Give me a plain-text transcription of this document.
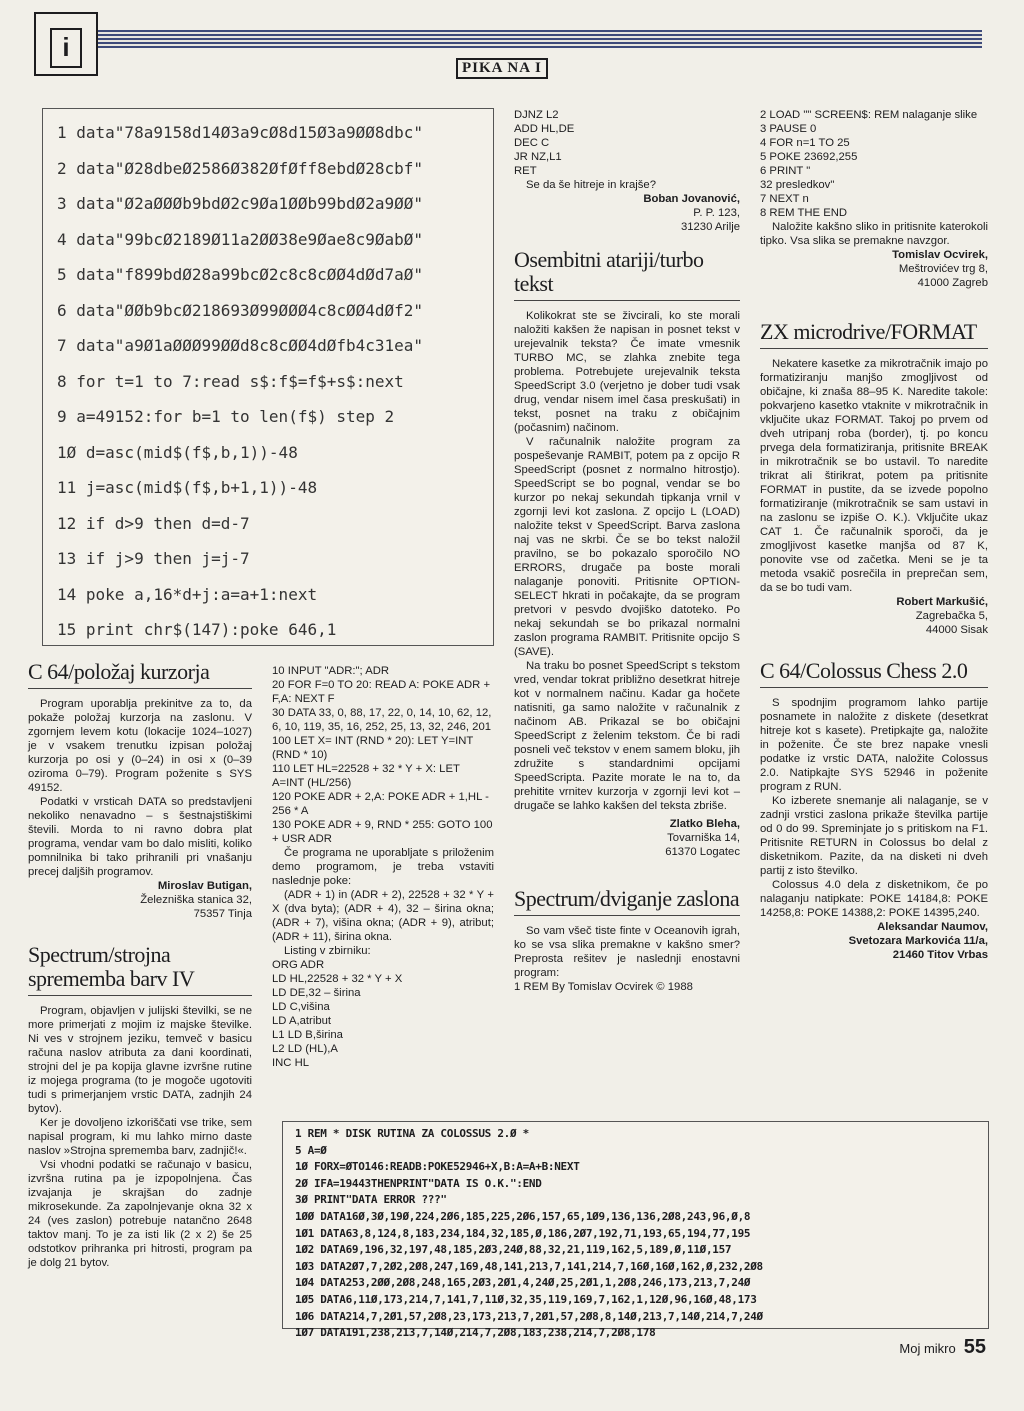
i
PIKA NA I
1 data"78a9158d14Ø3a9cØ8d15Ø3a9ØØ8dbc"
2 data"Ø28dbeØ2586Ø382ØfØff8ebdØ28cbf"
3 data"Ø2aØØØb9bdØ2c9Øa1ØØb99bdØ2a9ØØ"
4 data"99bcØ2189Ø11a2ØØ38e9Øae8c9ØabØ"
5 data"f899bdØ28a99bcØ2c8c8cØØ4dØd7aØ"
6 data"ØØb9bcØ218693Ø99ØØØ4c8cØØ4dØf2"
7 data"a9Ø1aØØØ99ØØd8c8cØØ4dØfb4c31ea"
8 for t=1 to 7:read s$:f$=f$+s$:next
9 a=49152:for b=1 to len(f$) step 2
1Ø d=asc(mid$(f$,b,1))-48
11 j=asc(mid$(f$,b+1,1))-48
12 if d>9 then d=d-7
13 if j>9 then j=j-7
14 poke a,16*d+j:a=a+1:next
15 print chr$(147):poke 646,1
DJNZ L2
ADD HL,DE
DEC C
JR NZ,L1
RET

Se da še hitreje in krajše?

Boban Jovanović,
P. P. 123,
31230 Arilje
Osembitni atariji/turbo tekst

Kolikokrat ste se živcirali, ko ste morali naložiti kakšen že napisan in posnet tekst v urejevalnik teksta? Če imate vmesnik TURBO MC, se zlahka znebite tega problema. Potrebujete urejevalnik teksta SpeedScript 3.0 (verjetno je dober tudi vsak drug, vendar nisem imel časa preskušati) in tekst, posnet na traku z običajnim (počasnim) načinom.

V računalnik naložite program za pospeševanje RAMBIT, potem pa z opcijo R SpeedScript (posnet z normalno hitrostjo). SpeedScript se bo pognal, vendar se bo kurzor po nekaj sekundah tipkanja vrnil v zgornji levi kot zaslona. Z opcijo L (LOAD) naložite tekst v SpeedScript. Barva zaslona naj vas ne skrbi. Če se bo tekst naložil pravilno, se bo pokazalo sporočilo NO ERRORS, drugače pa boste morali nalaganje ponoviti. Pritisnite OPTION-SELECT hkrati in počakajte, da se program pretvori v pesvdo dvojiško datoteko. Po nekaj sekundah se bo prikazal normalni zaslon programa RAMBIT. Pritisnite opcijo S (SAVE).

Na traku bo posnet SpeedScript s tekstom vred, vendar tokrat približno desetkrat hitreje kot v normalnem načinu. Kadar ga hočete natisniti, ga samo naložite v računalnik z načinom AB. Prikazal se bo običajni SpeedScript z želenim tekstom. Če bi radi posneli več tekstov v enem samem bloku, jih združite s standardnimi opcijami SpeedScripta. Pazite morate le na to, da prehitite vrnitev kurzorja v zgornji levi kot – drugače se lahko kakšen del teksta zbriše.

Zlatko Bleha,
Tovarniška 14,
61370 Logatec
Spectrum/dviganje zaslona

So vam všeč tiste finte v Oceanovih igrah, ko se vsa slika premakne v kakšno smer? Preprosta rešitev je naslednji enostavni program:

1 REM By Tomislav Ocvirek © 1988

2 LOAD "" SCREEN$: REM nalaganje slike
3 PAUSE 0
4 FOR n=1 TO 25
5 POKE 23692,255
6 PRINT "
32 presledkov"
7 NEXT n
8 REM THE END

Naložite kakšno sliko in pritisnite katerokoli tipko. Vsa slika se premakne navzgor.

Tomislav Ocvirek,
Meštrovićev trg 8,
41000 Zagreb
ZX microdrive/FORMAT

Nekatere kasetke za mikrotračnik imajo po formatiziranju manjšo zmogljivost od običajne, ki znaša 88–95 K. Naredite takole: pokvarjeno kasetko vtaknite v mikrotračnik in vključite ukaz FORMAT. Takoj po prvem od dveh utripanj roba (border), tj. po koncu prvega dela formatiziranja, pritisnite BREAK in mikrotračnik se bo ustavil. To naredite trikrat ali štirikrat, potem pa pritisnite FORMAT in pustite, da se izvede popolno formatiziranje (mikrotračnik se sam ustavi in na zaslonu se izpiše O. K.). Vključite ukaz CAT 1. Če računalnik sporoči, da je zmogljivost kasetke manjša od 87 K, ponovite vse od začetka. Meni se je ta metoda vsakič posrečila in preprečan sem, da se bo tudi vam.

Robert Markušić,
Zagrebačka 5,
44000 Sisak
C 64/Colossus Chess 2.0

S spodnjim programom lahko partije posnamete in naložite z diskete (desetkrat hitreje kot s kasete). Pretipkajte ga, naložite in poženite. Če ste brez napake vnesli podatke iz vrstic DATA, naložite Colossus 2.0. Natipkajte SYS 52946 in poženite program z RUN.

Ko izberete snemanje ali nalaganje, se v zadnji vrstici zaslona prikaže številka partije od 0 do 99. Spreminjate jo s pritiskom na F1. Pritisnite RETURN in Colossus bo delal z disketnikom. Pazite, da na disketi ni dveh partij z isto številko.

Colossus 4.0 dela z disketnikom, če po nalaganju natipkate: POKE 14184,8: POKE 14258,8: POKE 14388,2: POKE 14395,240.

Aleksandar Naumov,
Svetozara Markovića 11/a,
21460 Titov Vrbas
C 64/položaj kurzorja

Program uporablja prekinitve za to, da pokaže položaj kurzorja na zaslonu. V zgornjem levem kotu (lokacije 1024–1027) je v vsakem trenutku izpisan položaj kurzorja po osi y (0–24) in osi x (0–39 oziroma 0–79). Program poženite s SYS 49152.

Podatki v vrsticah DATA so predstavljeni nekoliko nenavadno – s šestnajstiškimi števili. Morda to ni ravno dobra plat programa, vendar vam bo dalo misliti, koliko pomnilnika bi tako prihranili pri vnašanju precej daljših programov.

Miroslav Butigan,
Železniška stanica 32,
75357 Tinja
Spectrum/strojna sprememba barv IV

Program, objavljen v julijski številki, se ne more primerjati z mojim iz majske številke. Ni ves v strojnem jeziku, temveč v basicu računa naslov atributa za dani koordinati, strojni del je pa kopija glavne izvršne rutine iz mojega programa (to je mogoče ugotoviti tudi s primerjanjem vrstic DATA, zadnjih 24 bytov).

Ker je dovoljeno izkoriščati vse trike, sem napisal program, ki mu lahko mirno daste naslov »Strojna sprememba barv, zadnjič!«.

Vsi vhodni podatki se računajo v basicu, izvršna rutina pa je izpopolnjena. Čas izvajanja je skrajšan do zadnje mikrosekunde. Za zapolnjevanje okna 32 x 24 (ves zaslon) potrebuje natančno 2648 taktov manj. To je za isti lik (2 x 2) še 25 odstotkov prihranka pri hitrosti, program pa je dolg 21 bytov.

10 INPUT "ADR:"; ADR
20 FOR F=0 TO 20: READ A: POKE ADR + F,A: NEXT F
30 DATA 33, 0, 88, 17, 22, 0, 14, 10, 62, 12, 6, 10, 119, 35, 16, 252, 25, 13, 32, 246, 201
100 LET X= INT (RND * 20): LET Y=INT (RND * 10)
110 LET HL=22528 + 32 * Y + X: LET A=INT (HL/256)
120 POKE ADR + 2,A: POKE ADR + 1,HL - 256 * A
130 POKE ADR + 9, RND * 255: GOTO 100 + USR ADR

Če programa ne uporabljate s priloženim demo programom, je treba vstaviti naslednje poke:

(ADR + 1) in (ADR + 2), 22528 + 32 * Y + X (dva byta); (ADR + 4), 32 – širina okna; (ADR + 7), višina okna; (ADR + 9), atribut; (ADR + 11), širina okna.

Listing v zbirniku:

ORG ADR
LD HL,22528 + 32 * Y + X
LD DE,32 – širina
LD C,višina
LD A,atribut
L1 LD B,širina
L2 LD (HL),A
INC HL
1 REM * DISK RUTINA ZA COLOSSUS 2.Ø *
5 A=Ø
1Ø FORX=ØTO146:READB:POKE52946+X,B:A=A+B:NEXT
2Ø IFA=19443THENPRINT"DATA IS O.K.":END
3Ø PRINT"DATA ERROR ???"
1ØØ DATA16Ø,3Ø,19Ø,224,2Ø6,185,225,2Ø6,157,65,1Ø9,136,136,2Ø8,243,96,Ø,8
1Ø1 DATA63,8,124,8,183,234,184,32,185,Ø,186,2Ø7,192,71,193,65,194,77,195
1Ø2 DATA69,196,32,197,48,185,2Ø3,24Ø,88,32,21,119,162,5,189,Ø,11Ø,157
1Ø3 DATA2Ø7,7,2Ø2,2Ø8,247,169,48,141,213,7,141,214,7,16Ø,16Ø,162,Ø,232,2Ø8
1Ø4 DATA253,2ØØ,2Ø8,248,165,2Ø3,2Ø1,4,24Ø,25,2Ø1,1,2Ø8,246,173,213,7,24Ø
1Ø5 DATA6,11Ø,173,214,7,141,7,11Ø,32,35,119,169,7,162,1,12Ø,96,16Ø,48,173
1Ø6 DATA214,7,2Ø1,57,2Ø8,23,173,213,7,2Ø1,57,2Ø8,8,14Ø,213,7,14Ø,214,7,24Ø
1Ø7 DATA191,238,213,7,14Ø,214,7,2Ø8,183,238,214,7,2Ø8,178
Moj mikro 55
